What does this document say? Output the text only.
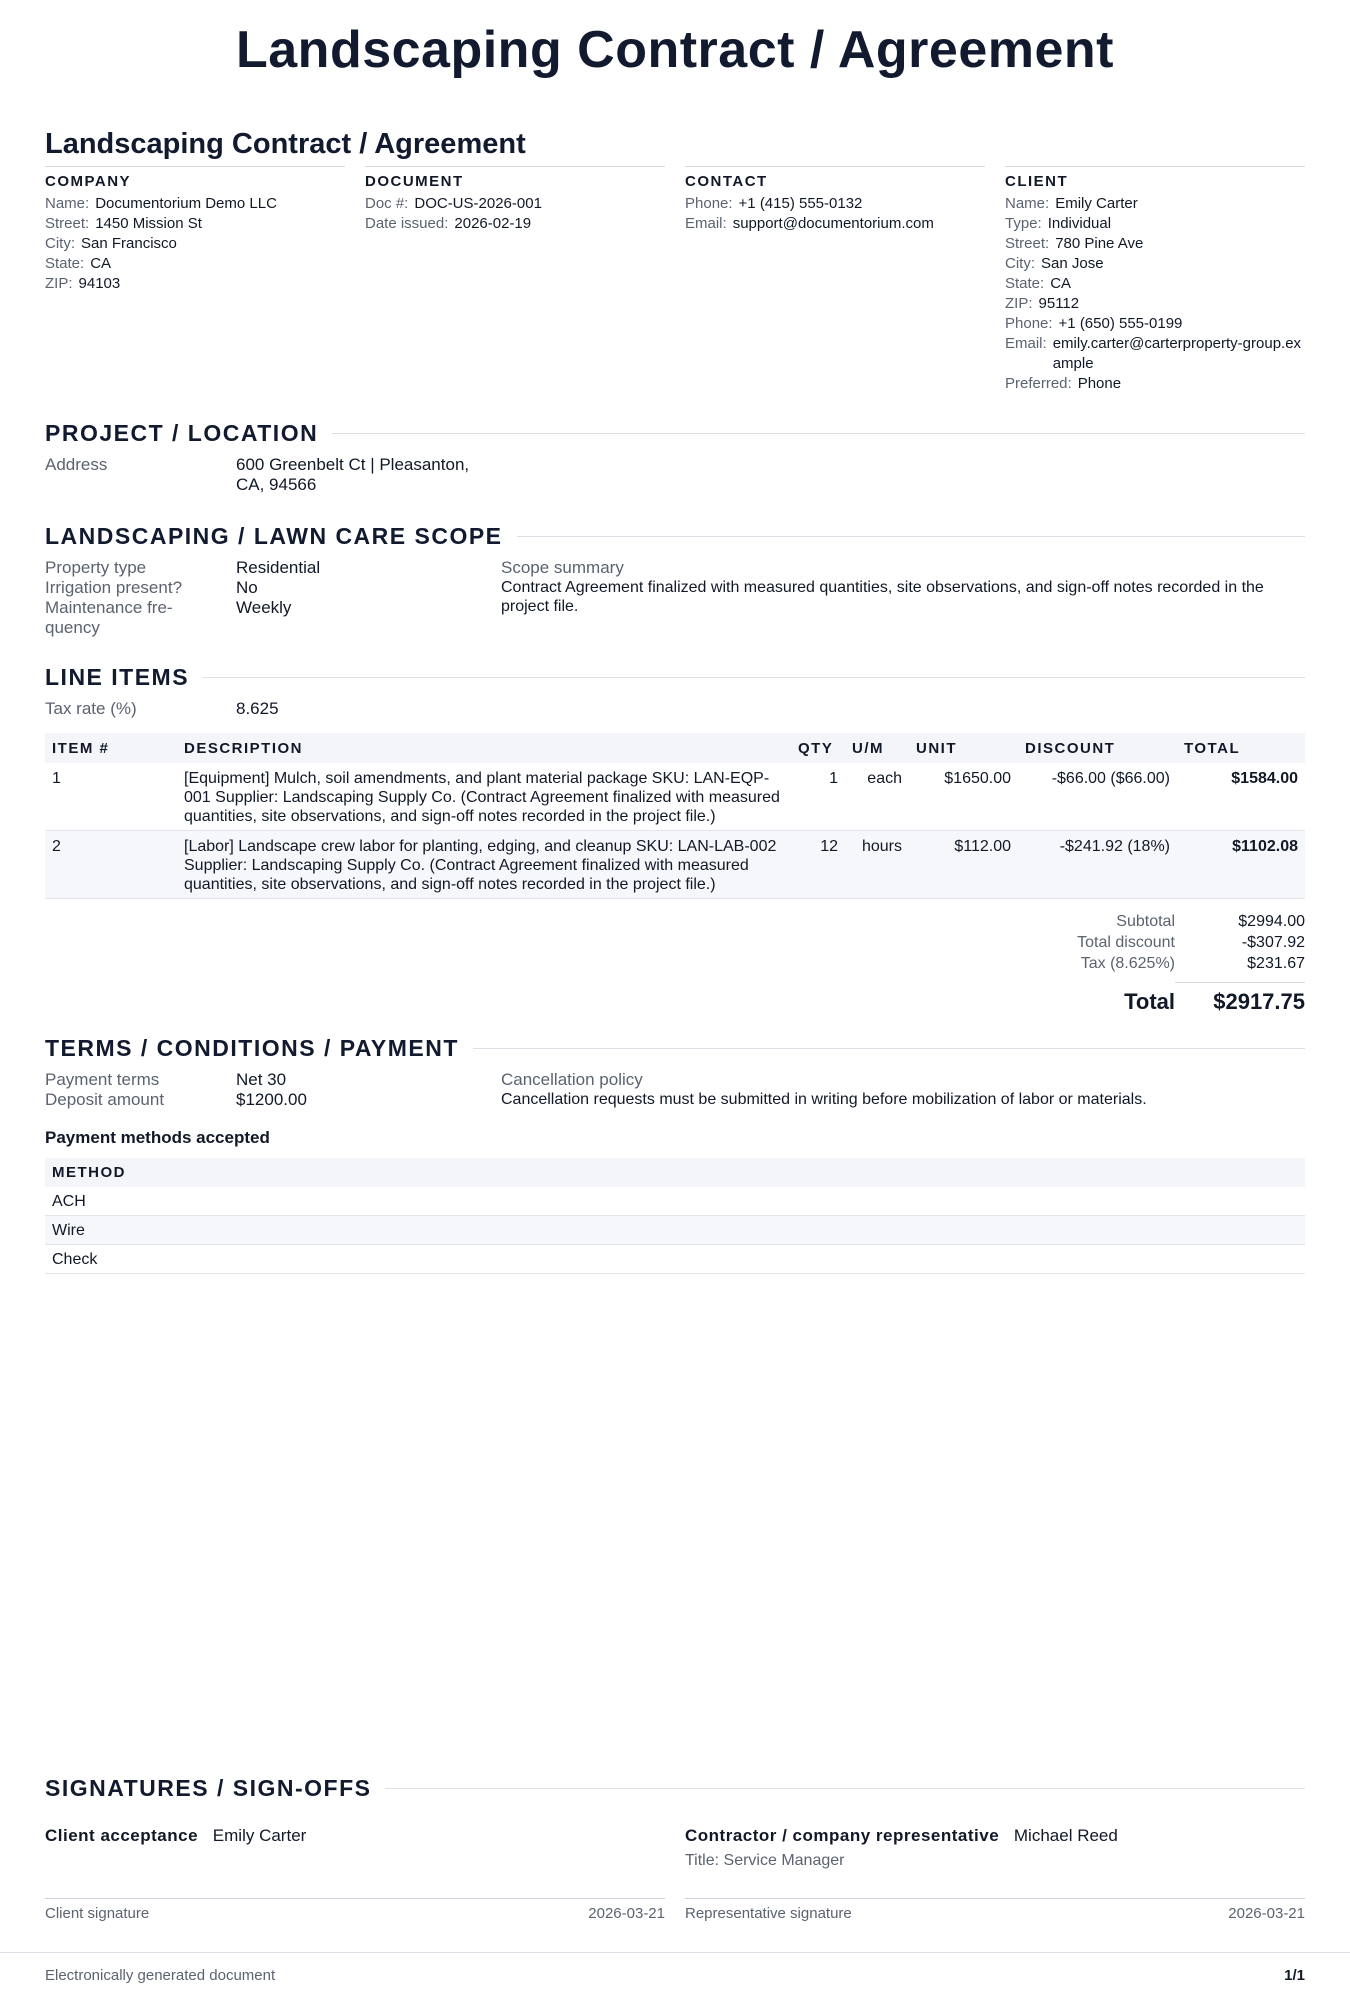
Landscaping Contract / Agreement
Landscaping Contract / Agreement
COMPANY
Name: Documentorium Demo LLC
Street: 1450 Mission St
City: San Francisco
State: CA
ZIP: 94103
DOCUMENT
Doc #: DOC-US-2026-001
Date issued: 2026-02-19
CONTACT
Phone: +1 (415) 555-0132
Email: support@documentorium.com
CLIENT
Name: Emily Carter
Type: Individual
Street: 780 Pine Ave
City: San Jose
State: CA
ZIP: 95112
Phone: +1 (650) 555-0199
Email: emily.carter@carterproperty-group.example
Preferred: Phone
PROJECT / LOCATION
Address	600 Greenbelt Ct | Pleasanton, CA, 94566
LANDSCAPING / LAWN CARE SCOPE
Property type	Residential
Irrigation present?	No
Maintenance fre-quency
Weekly
Scope summary
Contract Agreement finalized with measured quantities, site observations, and sign-off notes recorded in the project file.
LINE ITEMS
Tax rate (%)	8.625
ITEM #	DESCRIPTION	QTY	U/M	UNIT	DISCOUNT	TOTAL
1	[Equipment] Mulch, soil amendments, and plant material package SKU: LAN-EQP-001 Supplier: Landscaping Supply Co. (Contract Agreement finalized with measured quantities, site observations, and sign-off notes recorded in the project file.)	1	each	$1650.00	-$66.00 ($66.00)	$1584.00
2	[Labor] Landscape crew labor for planting, edging, and cleanup SKU: LAN-LAB-002 Supplier: Landscaping Supply Co. (Contract Agreement finalized with measured quantities, site observations, and sign-off notes recorded in the project file.)	12	hours	$112.00	-$241.92 (18%)	$1102.08
Subtotal	$2994.00
Total discount	-$307.92
Tax (8.625%)	$231.67
Total	$2917.75
TERMS / CONDITIONS / PAYMENT
Payment terms	Net 30
Deposit amount	$1200.00
Cancellation policy
Cancellation requests must be submitted in writing before mobilization of labor or materials.
Payment methods accepted
METHOD
ACH
Wire
Check
SIGNATURES / SIGN-OFFS
Client acceptance Emily Carter
Client signature	2026-03-21
Contractor / company representative Michael Reed
Title: Service Manager
Representative signature	2026-03-21
Electronically generated document	1/1
